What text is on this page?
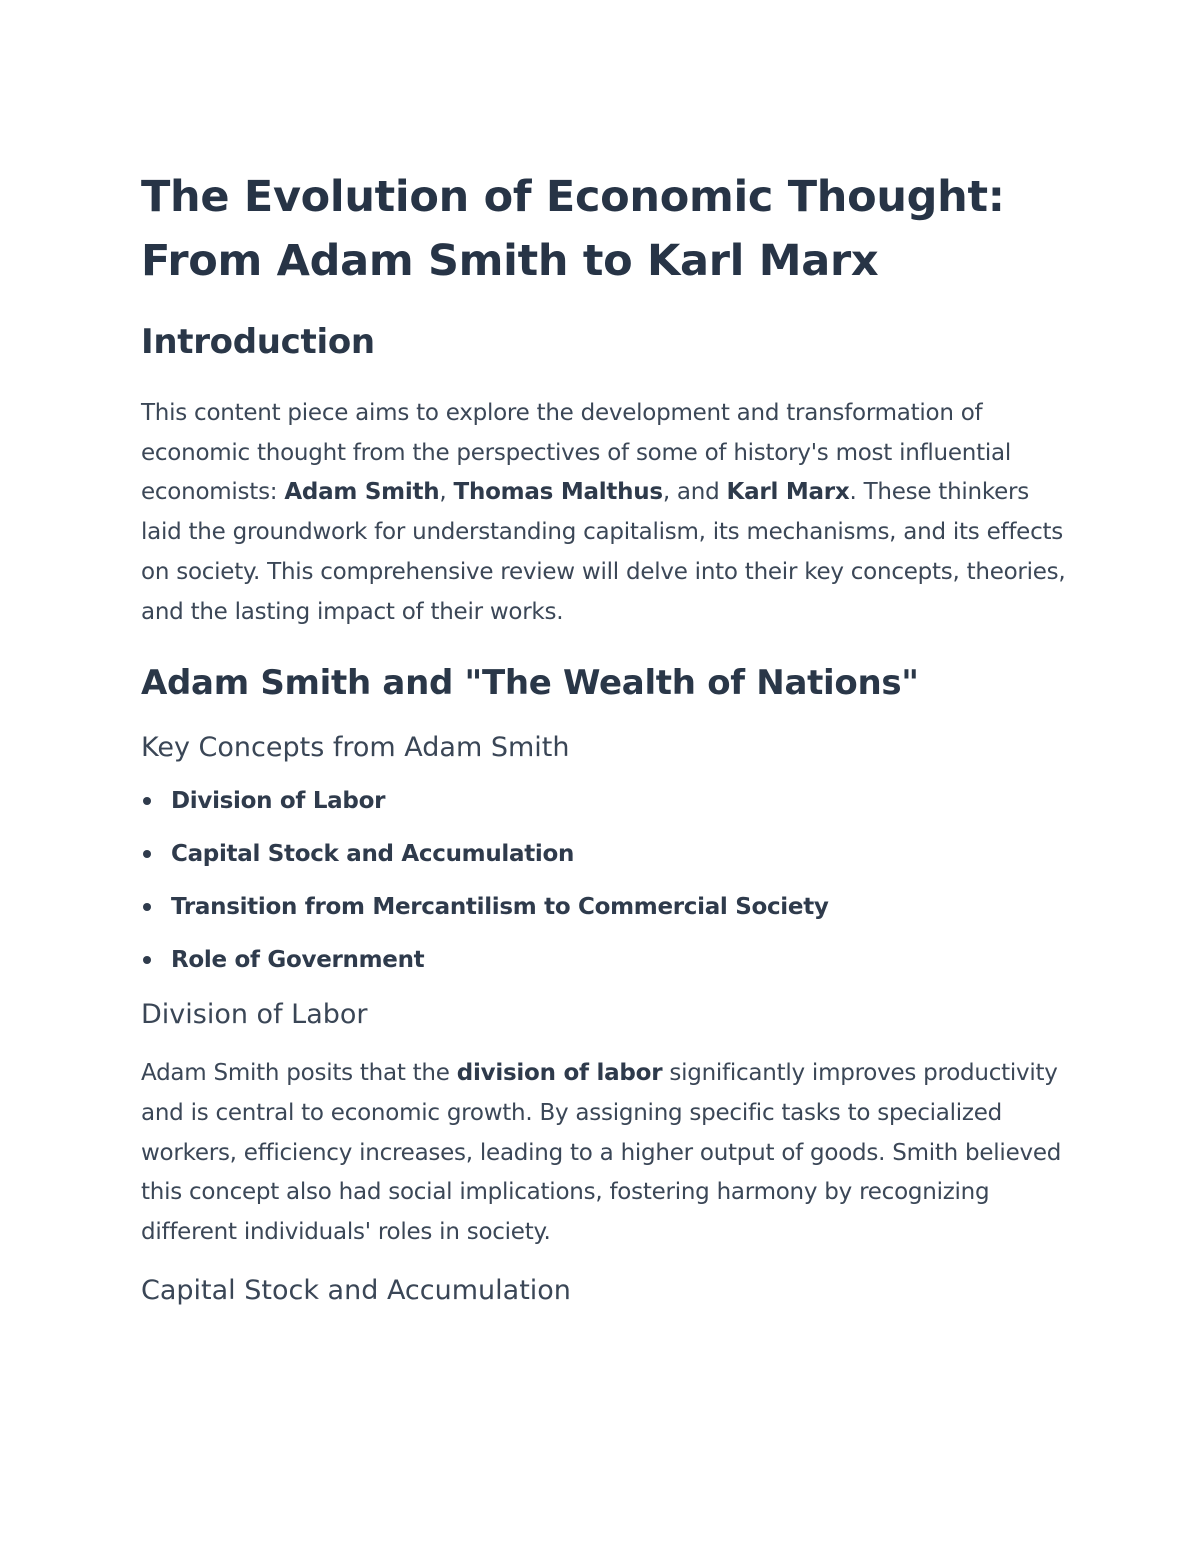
The Evolution of Economic Thought:
From Adam Smith to Karl Marx
Introduction

This content piece aims to explore the development and transformation of economic thought from the perspectives of some of history's most influential economists: Adam Smith, Thomas Malthus, and Karl Marx. These thinkers laid the groundwork for understanding capitalism, its mechanisms, and its effects on society. This comprehensive review will delve into their key concepts, theories, and the lasting impact of their works.

Adam Smith and "The Wealth of Nations"
Key Concepts from Adam Smith
Division of Labor
Capital Stock and Accumulation
Transition from Mercantilism to Commercial Society
Role of Government
Division of Labor

Adam Smith posits that the division of labor significantly improves productivity and is central to economic growth. By assigning specific tasks to specialized workers, efficiency increases, leading to a higher output of goods. Smith believed this concept also had social implications, fostering harmony by recognizing different individuals' roles in society.

Capital Stock and Accumulation
